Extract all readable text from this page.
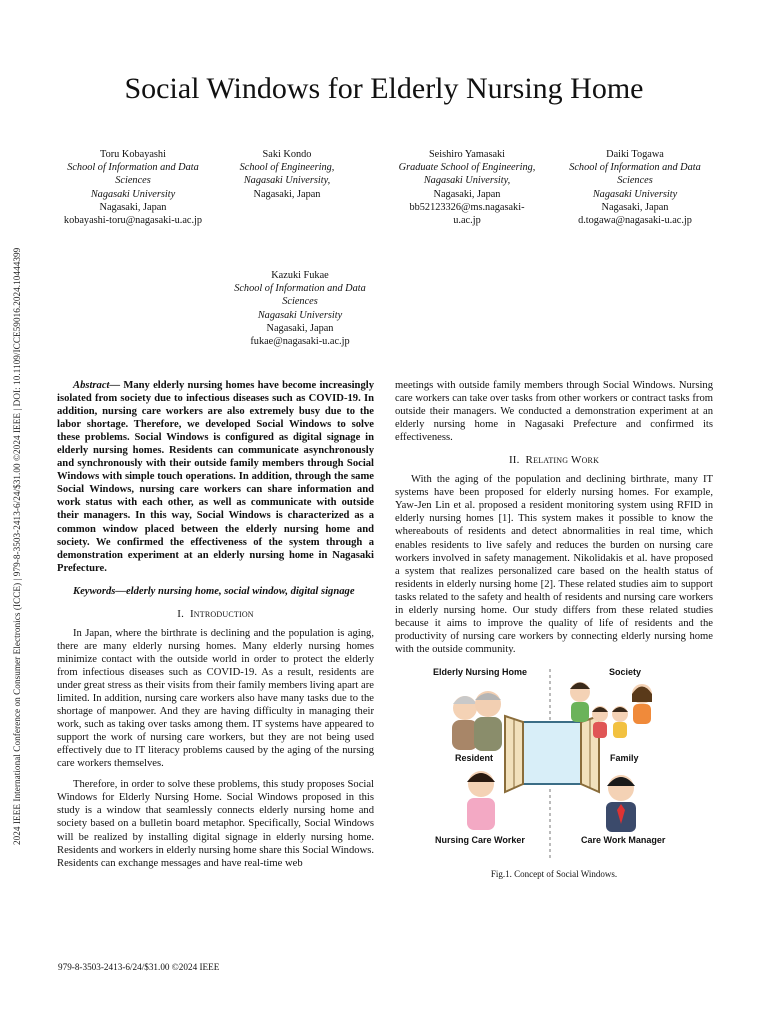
2024 IEEE International Conference on Consumer Electronics (ICCE) | 979-8-3503-2413-6/24/$31.00 ©2024 IEEE | DOI: 10.1109/ICCE59016.2024.10444399
Social Windows for Elderly Nursing Home
Toru Kobayashi
School of Information and Data
Sciences
Nagasaki University
Nagasaki, Japan
kobayashi-toru@nagasaki-u.ac.jp
Saki Kondo
School of Engineering,
Nagasaki University,
Nagasaki, Japan
Seishiro Yamasaki
Graduate School of Engineering,
Nagasaki University,
Nagasaki, Japan
bb52123326@ms.nagasaki-
u.ac.jp
Daiki Togawa
School of Information and Data
Sciences
Nagasaki University
Nagasaki, Japan
d.togawa@nagasaki-u.ac.jp
Kazuki Fukae
School of Information and Data
Sciences
Nagasaki University
Nagasaki, Japan
fukae@nagasaki-u.ac.jp

Abstract— Many elderly nursing homes have become increasingly isolated from society due to infectious diseases such as COVID-19. In addition, nursing care workers are also extremely busy due to the labor shortage. Therefore, we developed Social Windows to solve these problems. Social Windows is configured as digital signage in elderly nursing homes. Residents can communicate asynchronously and synchronously with their outside family members through Social Windows with simple touch operations. In addition, through the same Social Windows, nursing care workers can share information and work status with each other, as well as communicate with outside their managers. In this way, Social Windows is characterized as a common window placed between the elderly nursing home and society. We confirmed the effectiveness of the system through a demonstration experiment at an elderly nursing home in Nagasaki Prefecture.

Keywords—elderly nursing home, social window, digital signage

I. Introduction

In Japan, where the birthrate is declining and the population is aging, there are many elderly nursing homes. Many elderly nursing homes minimize contact with the outside world in order to protect the elderly from infectious diseases such as COVID-19. As a result, residents are under great stress as their visits from their family members living apart are limited. In addition, nursing care workers also have many tasks due to the shortage of manpower. And they are having difficulty in managing their work, such as taking over tasks among them. IT systems have appeared to support the work of nursing care workers, but they are not being used effectively due to IT literacy problems caused by the aging of the nursing care workers themselves.

Therefore, in order to solve these problems, this study proposes Social Windows for Elderly Nursing Home. Social Windows proposed in this study is a window that seamlessly connects elderly nursing home and society based on a bulletin board metaphor. Specifically, Social Windows will be realized by installing digital signage in elderly nursing home. Residents and workers in elderly nursing home share this Social Windows. Residents can exchange messages and have real-time web

meetings with outside family members through Social Windows. Nursing care workers can take over tasks from other workers or contract tasks from outside their managers. We conducted a demonstration experiment at an elderly nursing home in Nagasaki Prefecture and confirmed its effectiveness.

II. Relating Work

With the aging of the population and declining birthrate, many IT systems have been proposed for elderly nursing homes. For example, Yaw-Jen Lin et al. proposed a resident monitoring system using RFID in elderly nursing homes [1]. This system makes it possible to know the whereabouts of residents and detect abnormalities in real time, which enables residents to live safely and reduces the burden on nursing care workers involved in safety management. Nikolidakis et al. have proposed a system that realizes personalized care based on the health status of residents in elderly nursing home [2]. These related studies aim to support tasks related to the safety and health of residents and nursing care workers in elderly nursing home. Our study differs from these related studies because it aims to improve the quality of life of residents and the productivity of nursing care workers by connecting elderly nursing home with the outside community.

Elderly Nursing Home	Society
Resident	Family
Nursing Care Worker	Care Work Manager
Fig.1. Concept of Social Windows.
979-8-3503-2413-6/24/$31.00 ©2024 IEEE
